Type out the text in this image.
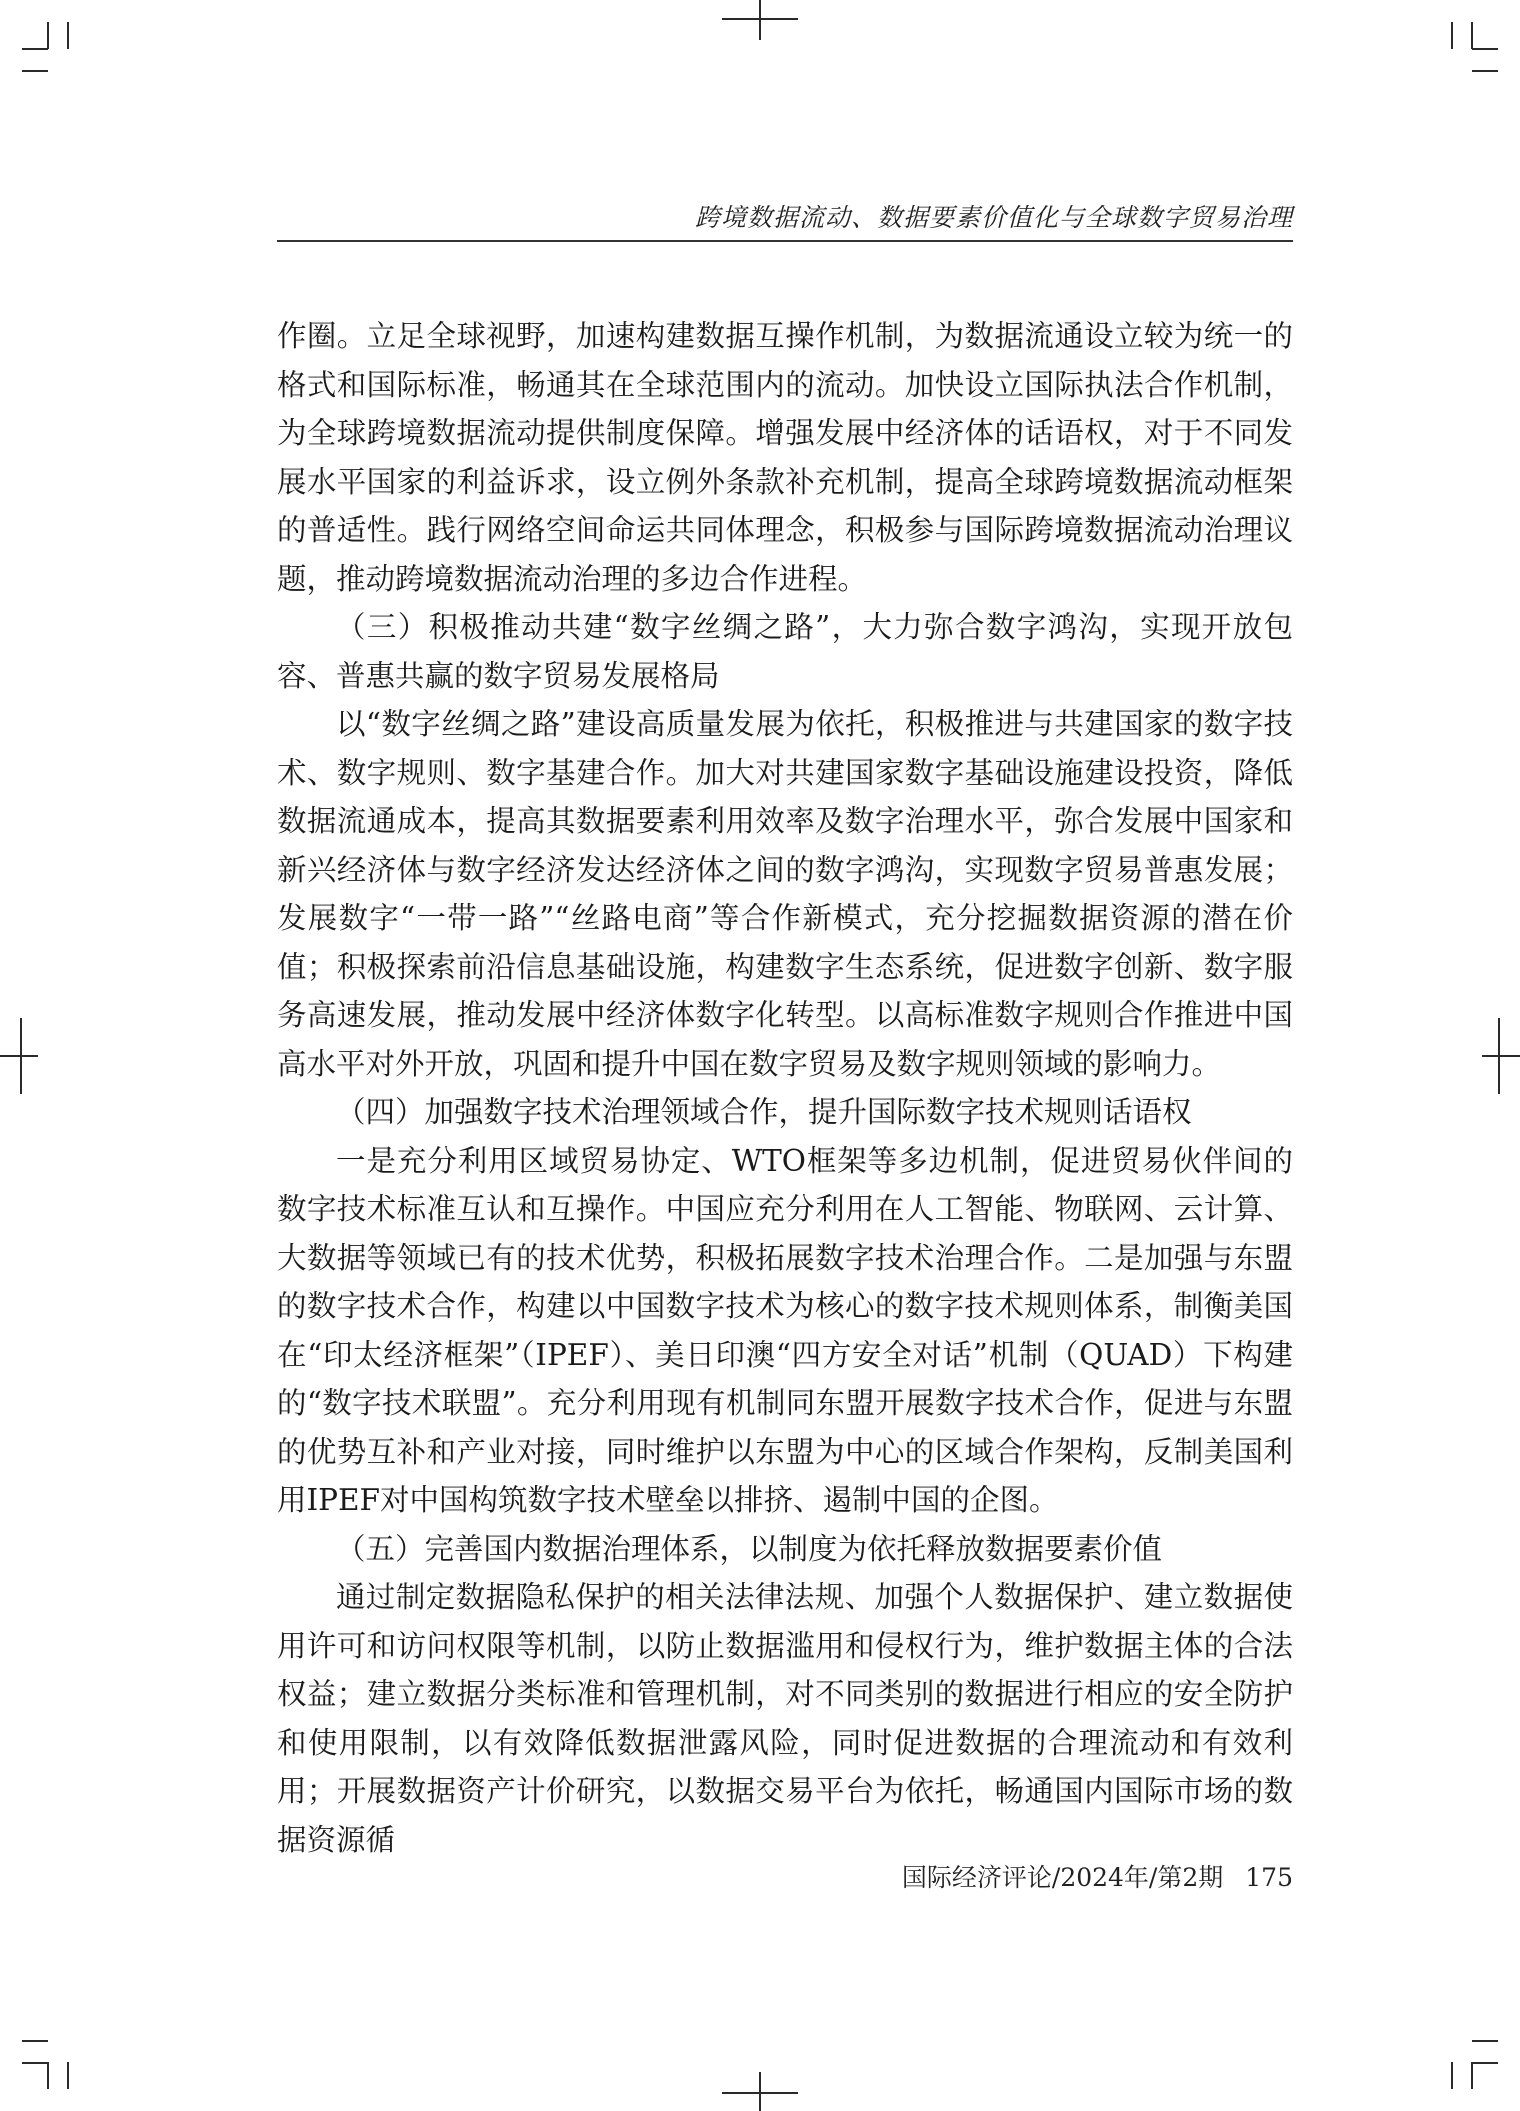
跨境数据流动、数据要素价值化与全球数字贸易治理

作圈。立足全球视野，加速构建数据互操作机制，为数据流通设立较为统一的格式和国际标准，畅通其在全球范围内的流动。加快设立国际执法合作机制，为全球跨境数据流动提供制度保障。增强发展中经济体的话语权，对于不同发展水平国家的利益诉求，设立例外条款补充机制，提高全球跨境数据流动框架的普适性。践行网络空间命运共同体理念，积极参与国际跨境数据流动治理议题，推动跨境数据流动治理的多边合作进程。

（三）积极推动共建“数字丝绸之路”，大力弥合数字鸿沟，实现开放包容、普惠共赢的数字贸易发展格局

以“数字丝绸之路”建设高质量发展为依托，积极推进与共建国家的数字技术、数字规则、数字基建合作。加大对共建国家数字基础设施建设投资，降低数据流通成本，提高其数据要素利用效率及数字治理水平，弥合发展中国家和新兴经济体与数字经济发达经济体之间的数字鸿沟，实现数字贸易普惠发展；发展数字“一带一路”“丝路电商”等合作新模式，充分挖掘数据资源的潜在价值；积极探索前沿信息基础设施，构建数字生态系统，促进数字创新、数字服务高速发展，推动发展中经济体数字化转型。以高标准数字规则合作推进中国高水平对外开放，巩固和提升中国在数字贸易及数字规则领域的影响力。

（四）加强数字技术治理领域合作，提升国际数字技术规则话语权

一是充分利用区域贸易协定、WTO框架等多边机制，促进贸易伙伴间的数字技术标准互认和互操作。中国应充分利用在人工智能、物联网、云计算、大数据等领域已有的技术优势，积极拓展数字技术治理合作。二是加强与东盟的数字技术合作，构建以中国数字技术为核心的数字技术规则体系，制衡美国在“印太经济框架”（IPEF）、美日印澳“四方安全对话”机制（QUAD）下构建的“数字技术联盟”。充分利用现有机制同东盟开展数字技术合作，促进与东盟的优势互补和产业对接，同时维护以东盟为中心的区域合作架构，反制美国利用IPEF对中国构筑数字技术壁垒以排挤、遏制中国的企图。

（五）完善国内数据治理体系，以制度为依托释放数据要素价值

通过制定数据隐私保护的相关法律法规、加强个人数据保护、建立数据使用许可和访问权限等机制，以防止数据滥用和侵权行为，维护数据主体的合法权益；建立数据分类标准和管理机制，对不同类别的数据进行相应的安全防护和使用限制，以有效降低数据泄露风险，同时促进数据的合理流动和有效利用；开展数据资产计价研究，以数据交易平台为依托，畅通国内国际市场的数据资源循

国际经济评论/2024年/第2期 175
